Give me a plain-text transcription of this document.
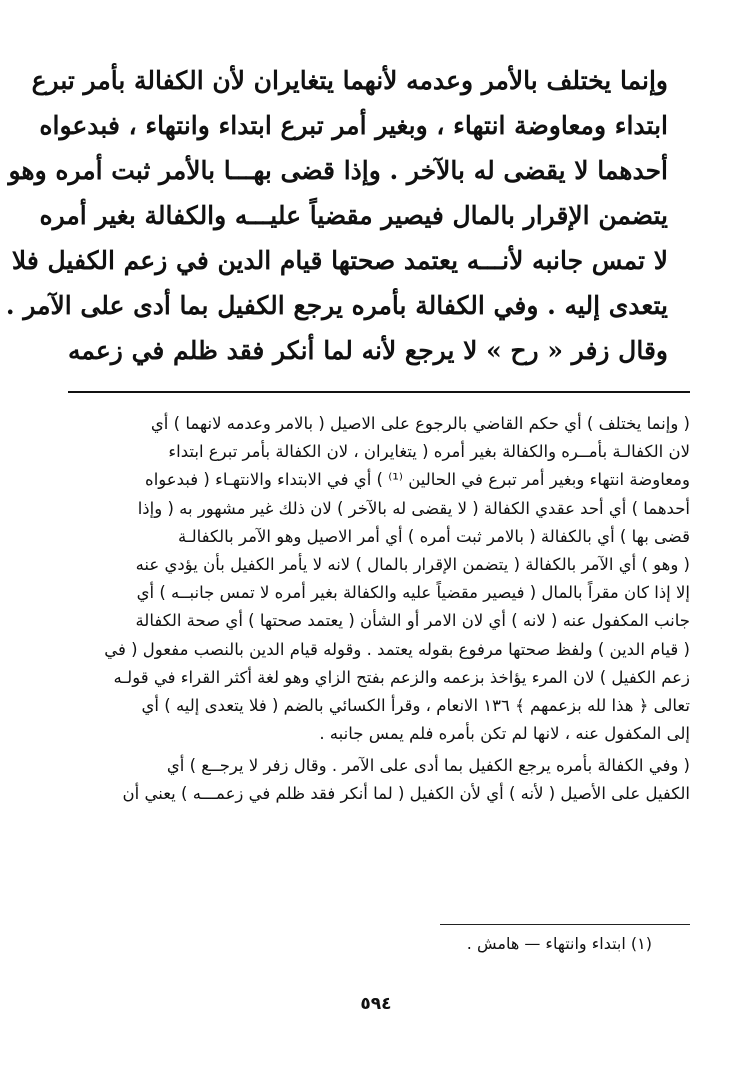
وإنما يختلف بالأمر وعدمه لأنهما يتغايران لأن الكفالة بأمر تبرع
ابتداء ومعاوضة انتهاء ، وبغير أمر تبرع ابتداء وانتهاء ، فبدعواه
أحدهما لا يقضى له بالآخر . وإذا قضى بهـــا بالأمر ثبت أمره وهو
يتضمن الإقرار بالمال فيصير مقضياً عليـــه والكفالة بغير أمره
لا تمس جانبه لأنـــه يعتمد صحتها قيام الدين في زعم الكفيل فلا
يتعدى إليه . وفي الكفالة بأمره يرجع الكفيل بما أدى على الآمر .
وقال زفر « رح » لا يرجع لأنه لما أنكر فقد ظلم في زعمه
( وإنما يختلف ) أي حكم القاضي بالرجوع على الاصيل ( بالامر وعدمه لانهما ) أي
لان الكفالـة بأمــره والكفالة بغير أمره ( يتغايران ، لان الكفالة بأمر تبرع ابتداء
ومعاوضة انتهاء وبغير أمر تبرع في الحالين ⁽¹⁾ ) أي في الابتداء والانتهـاء ( فبدعواه
أحدهما ) أي أحد عقدي الكفالة ( لا يقضى له بالآخر ) لان ذلك غير مشهور به ( وإذا
قضى بها ) أي بالكفالة ( بالامر ثبت أمره ) أي أمر الاصيل وهو الآمر بالكفالـة
( وهو ) أي الآمر بالكفالة ( يتضمن الإقرار بالمال ) لانه لا يأمر الكفيل بأن يؤدي عنه
إلا إذا كان مقراً بالمال ( فيصير مقضياً عليه والكفالة بغير أمره لا تمس جانبــه ) أي
جانب المكفول عنه ( لانه ) أي لان الامر أو الشأن ( يعتمد صحتها ) أي صحة الكفالة
( قيام الدين ) ولفظ صحتها مرفوع بقوله يعتمد . وقوله قيام الدين بالنصب مفعول ( في
زعم الكفيل ) لان المرء يؤاخذ بزعمه والزعم بفتح الزاي وهو لغة أكثر القراء في قولـه
تعالى ﴿ هذا لله بزعمهم ﴾ ١٣٦ الانعام ، وقرأ الكسائي بالضم ( فلا يتعدى إليه ) أي
إلى المكفول عنه ، لانها لم تكن بأمره فلم يمس جانبه .
( وفي الكفالة بأمره يرجع الكفيل بما أدى على الآمر . وقال زفر لا يرجــع ) أي
الكفيل على الأصيل ( لأنه ) أي لأن الكفيل ( لما أنكر فقد ظلم في زعمـــه ) يعني أن
(١) ابتداء وانتهاء — هامش .
٥٩٤
